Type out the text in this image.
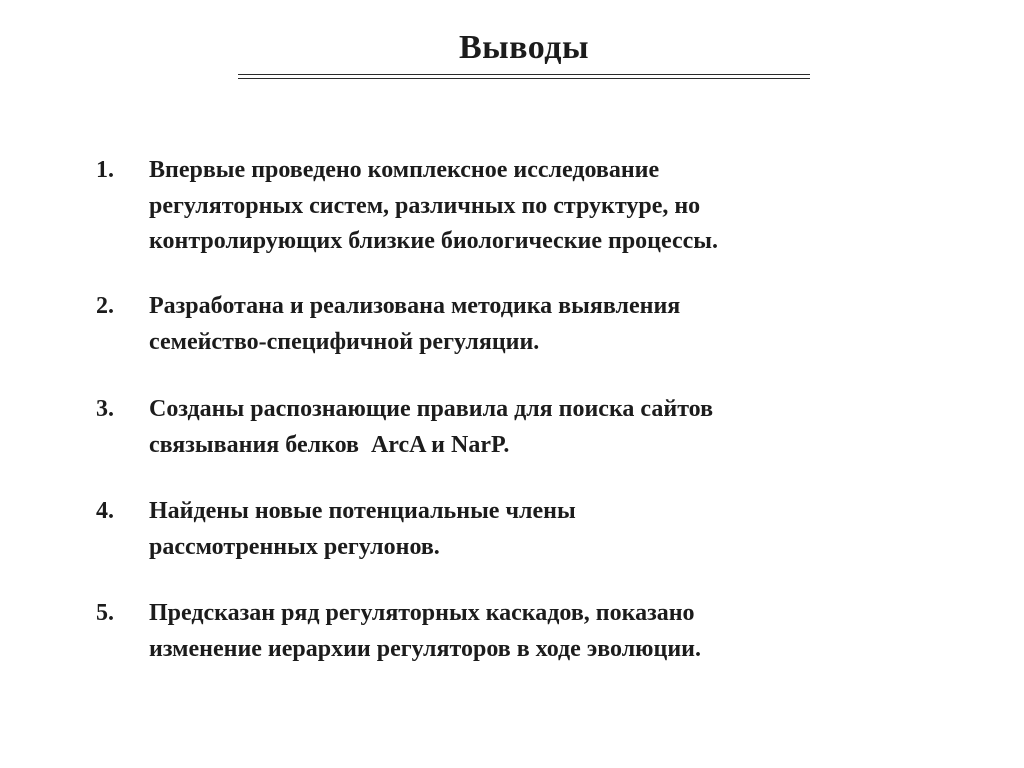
Выводы
1.	Впервые проведено комплексное исследование
регуляторных систем, различных по структуре, но
контролирующих близкие биологические процессы.
2.	Разработана и реализована методика выявления
семейство-специфичной регуляции.
3.	Созданы распознающие правила для поиска сайтов
связывания белков  ArcA и NarP.
4.	Найдены новые потенциальные члены
рассмотренных регулонов.
5.	Предсказан ряд регуляторных каскадов, показано
изменение иерархии регуляторов в ходе эволюции.
